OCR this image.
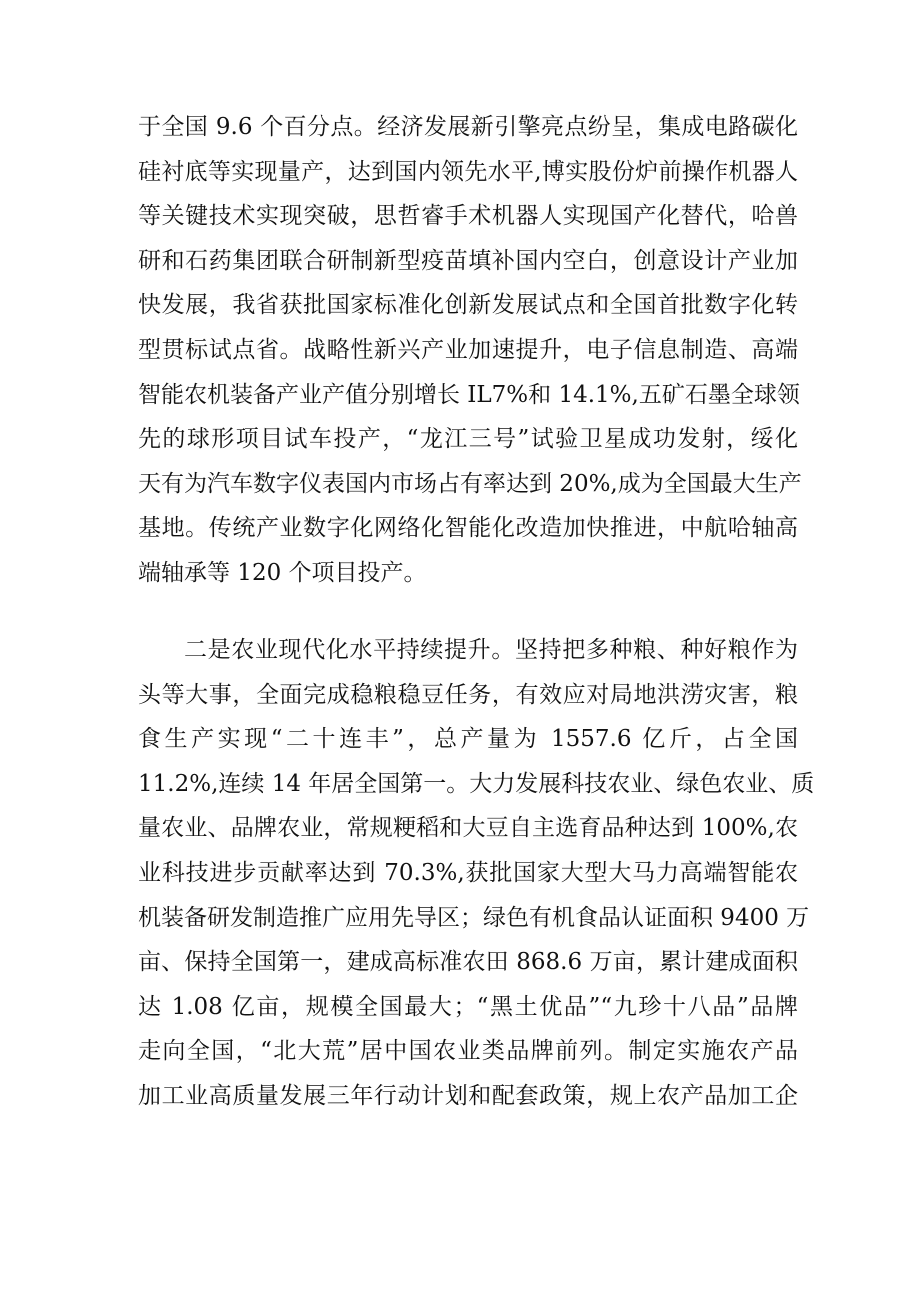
于全国 9.6 个百分点。经济发展新引擎亮点纷呈，集成电路碳化
硅衬底等实现量产，达到国内领先水平,博实股份炉前操作机器人
等关键技术实现突破，思哲睿手术机器人实现国产化替代，哈兽
研和石药集团联合研制新型疫苗填补国内空白，创意设计产业加
快发展，我省获批国家标准化创新发展试点和全国首批数字化转
型贯标试点省。战略性新兴产业加速提升，电子信息制造、高端
智能农机装备产业产值分别增长 IL7%和 14.1%,五矿石墨全球领
先的球形项目试车投产，“龙江三号”试验卫星成功发射，绥化
天有为汽车数字仪表国内市场占有率达到 20%,成为全国最大生产
基地。传统产业数字化网络化智能化改造加快推进，中航哈轴高
端轴承等 120 个项目投产。
二是农业现代化水平持续提升。坚持把多种粮、种好粮作为
头等大事，全面完成稳粮稳豆任务，有效应对局地洪涝灾害，粮
食生产实现“二十连丰”，总产量为 1557.6 亿斤，占全国
11.2%,连续 14 年居全国第一。大力发展科技农业、绿色农业、质
量农业、品牌农业，常规粳稻和大豆自主选育品种达到 100%,农
业科技进步贡献率达到 70.3%,获批国家大型大马力高端智能农
机装备研发制造推广应用先导区；绿色有机食品认证面积 9400 万
亩、保持全国第一，建成高标准农田 868.6 万亩，累计建成面积
达 1.08 亿亩，规模全国最大；“黑土优品”“九珍十八品”品牌
走向全国，“北大荒”居中国农业类品牌前列。制定实施农产品
加工业高质量发展三年行动计划和配套政策，规上农产品加工企
